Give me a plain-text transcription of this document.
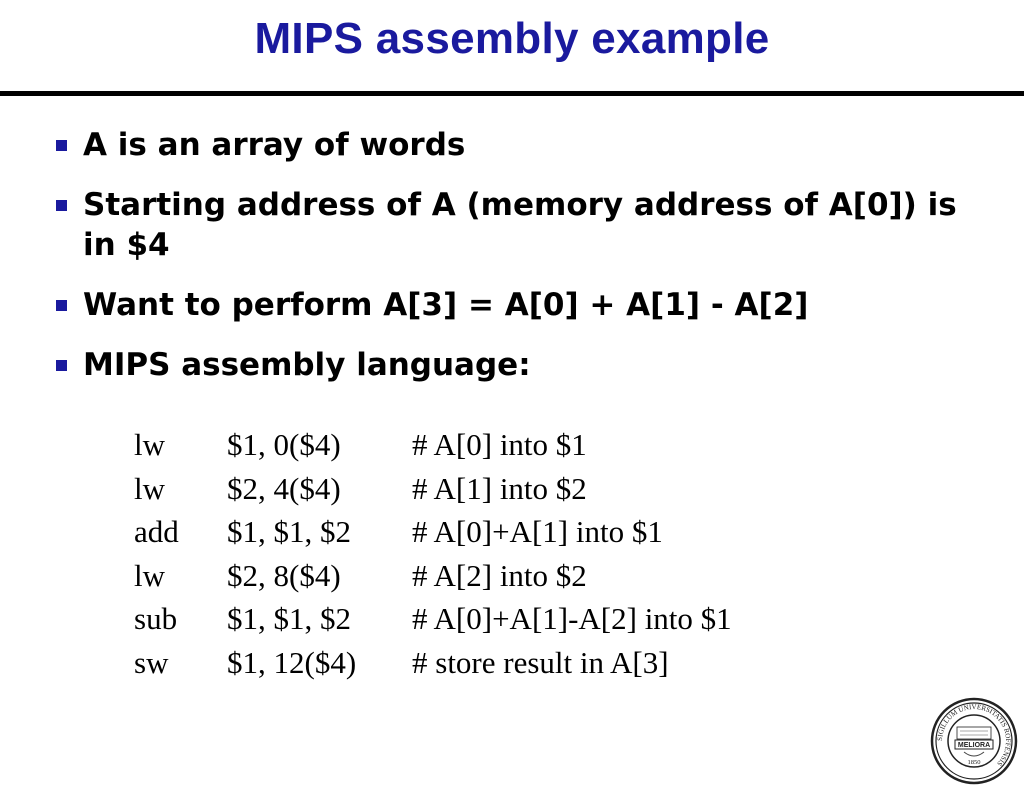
MIPS assembly example
A is an array of words
Starting address of A (memory address of A[0]) is in $4
Want to perform A[3] = A[0] + A[1] - A[2]
MIPS assembly language:
lw $1, 0($4) # A[0] into $1
lw $2, 4($4) # A[1] into $2
add $1, $1, $2 # A[0]+A[1] into $1
lw $2, 8($4) # A[2] into $2
sub $1, $1, $2 # A[0]+A[1]-A[2] into $1
sw $1, 12($4) # store result in A[3]
SIGILLUM UNIVERSITATIS ROFFENSIS
MELIORA
1850
